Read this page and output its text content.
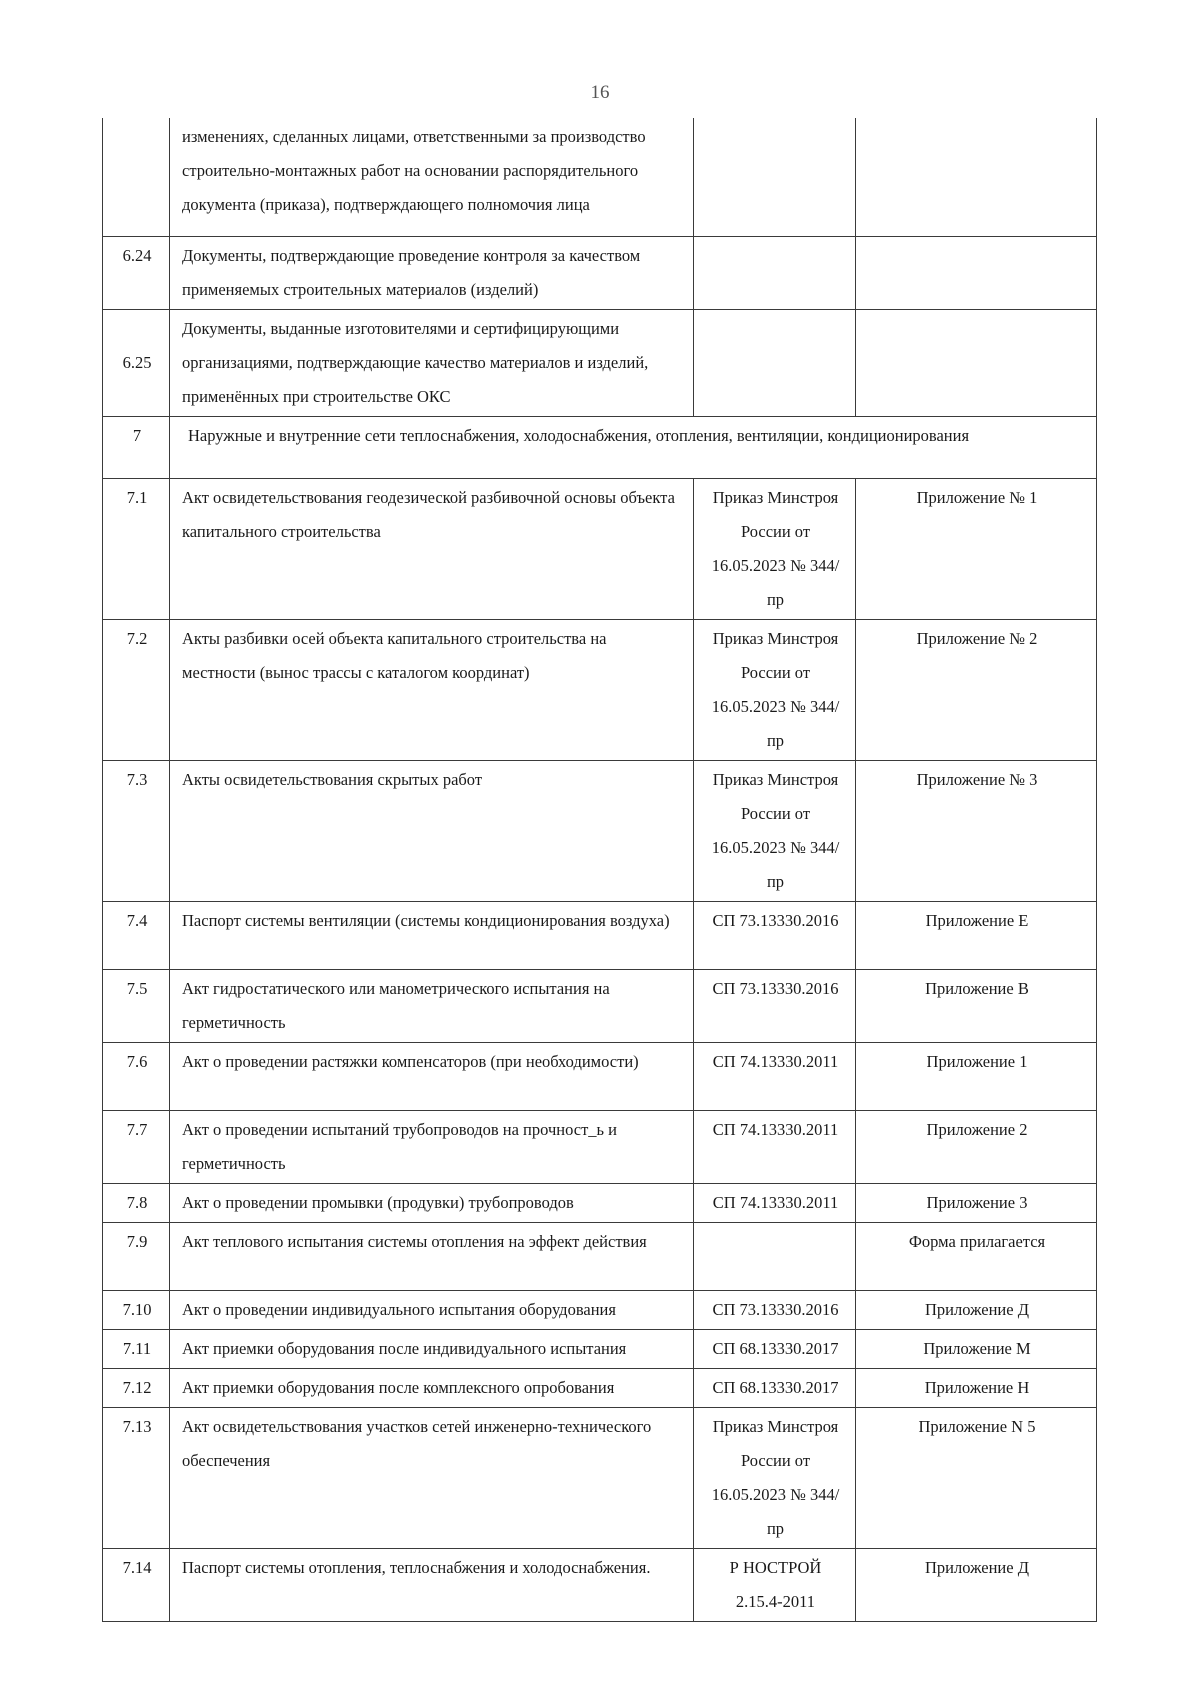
16
	изменениях, сделанных лицами, ответственными за производство строительно-монтажных работ на основании распорядительного документа (приказа), подтверждающего полномочия лица		
6.24	Документы, подтверждающие проведение контроля за качеством применяемых строительных материалов (изделий)		
6.25	Документы, выданные изготовителями и сертифицирующими организациями, подтверждающие качество материалов и изделий, применённых при строительстве ОКС		
7	Наружные и внутренние сети теплоснабжения, холодоснабжения, отопления, вентиляции, кондиционирования		
7.1	Акт освидетельствования геодезической разбивочной основы объекта капитального строительства	Приказ Минстроя России от 16.05.2023 № 344/пр	Приложение № 1
7.2	Акты разбивки осей объекта капитального строительства на местности (вынос трассы с каталогом координат)	Приказ Минстроя России от 16.05.2023 № 344/пр	Приложение № 2
7.3	Акты освидетельствования скрытых работ	Приказ Минстроя России от 16.05.2023 № 344/пр	Приложение № 3
7.4	Паспорт системы вентиляции (системы кондиционирования воздуха)	СП 73.13330.2016	Приложение Е
7.5	Акт гидростатического или манометрического испытания на герметичность	СП 73.13330.2016	Приложение В
7.6	Акт о проведении растяжки компенсаторов (при необходимости)	СП 74.13330.2011	Приложение 1
7.7	Акт о проведении испытаний трубопроводов на прочност_ь и герметичность	СП 74.13330.2011	Приложение 2
7.8	Акт о проведении промывки (продувки) трубопроводов	СП 74.13330.2011	Приложение 3
7.9	Акт теплового испытания системы отопления на эффект действия		Форма прилагается
7.10	Акт о проведении индивидуального испытания оборудования	СП 73.13330.2016	Приложение Д
7.11	Акт приемки оборудования после индивидуального испытания	СП 68.13330.2017	Приложение М
7.12	Акт приемки оборудования после комплексного опробования	СП 68.13330.2017	Приложение Н
7.13	Акт освидетельствования участков сетей инженерно-технического обеспечения	Приказ Минстроя России от 16.05.2023 № 344/пр	Приложение N 5
7.14	Паспорт системы отопления, теплоснабжения и холодоснабжения.	Р НОСТРОЙ 2.15.4-2011	Приложение Д
